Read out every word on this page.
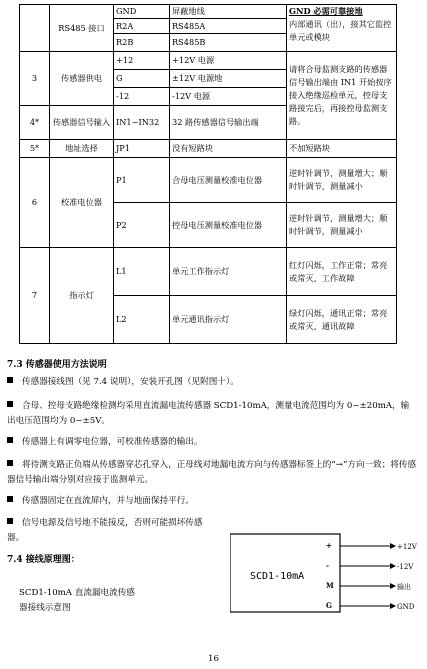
	RS485 接口	GND	屏蔽地线	GND 必需可靠接地
内部通讯（出），接其它监控单元或模块
		R2A	RS485A	
		R2B	RS485B	
3	传感器供电	+12	+12V 电源	请将合母监测支路的传感器信号输出端由 IN1 开始按序接入绝缘巡检单元，控母支路接完后，再接控母监测支路。
		G	±12V 电源地	
		-12	-12V 电源	
4*	传感器信号输入	IN1~IN32	32 路传感器信号输出端	
5*	地址选择	JP1	没有短路块	不加短路块
6	校准电位器	P1	合母电压测量校准电位器	逆时针调节，测量增大；顺时针调节，测量减小
		P2	控母电压测量校准电位器	逆时针调节，测量增大；顺时针调节，测量减小
7	指示灯	L1	单元工作指示灯	红灯闪烁，工作正常；常亮或常灭，工作故障
		L2	单元通讯指示灯	绿灯闪烁，通讯正常；常亮或常灭，通讯故障
7.3 传感器使用方法说明
传感器接线图（见 7.4 说明），安装开孔图（见附图十）。
合母、控母支路绝缘检测均采用直流漏电流传感器 SCD1-10mA，测量电流范围均为 0~±20mA，输出电压范围均为 0~±5V。
传感器上有调零电位器，可校准传感器的输出。
将待测支路正负端从传感器穿芯孔穿入，正母线对地漏电流方向与传感器标签上的“→”方向一致；将传感器信号输出端分别对应接于监测单元。
传感器固定在直流屏内，并与地面保持平行。
信号电源及信号地不能接反，否则可能损坏传感器。
7.4 接线原理图：
SCD1-10mA 直流漏电流传感器接线示意图
SCD1-10mA
+	+12V
-	-12V
M	输出
G	GND
16
